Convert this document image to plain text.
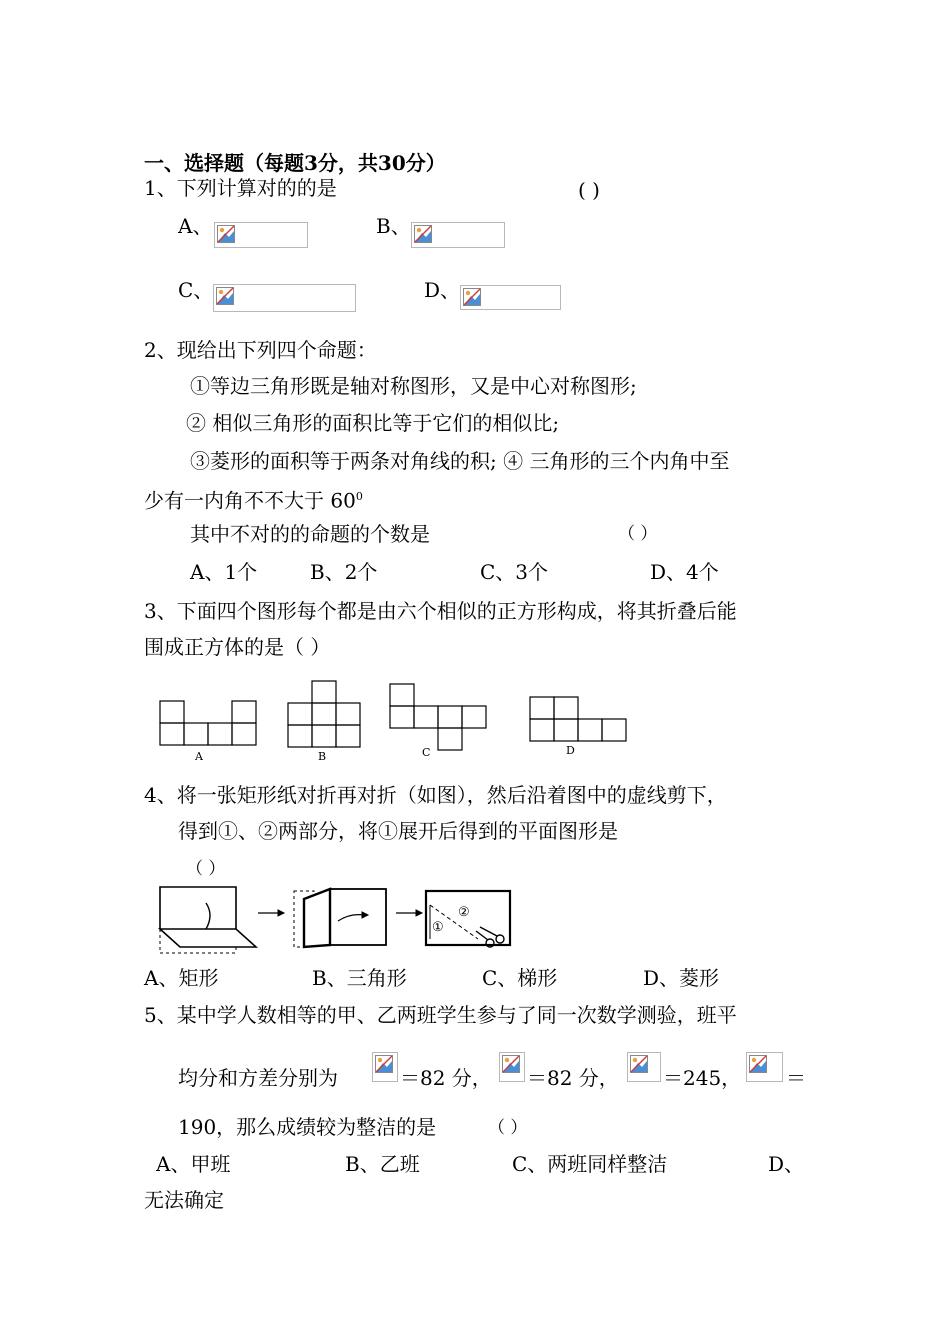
一、选择题（每题3分，共30分）
1、下列计算对的的是	( )
A、	B、
C、	D、
2、现给出下列四个命题：
①等边三角形既是轴对称图形，又是中心对称图形;
② 相似三角形的面积比等于它们的相似比;
③菱形的面积等于两条对角线的积; ④ 三角形的三个内角中至
少有一内角不不大于 $60^0$
其中不对的的命题的个数是	（ ）
A、1个	B、2个	C、3个	D、4个
3、下面四个图形每个都是由六个相似的正方形构成，将其折叠后能
围成正方体的是（ ）
A	B	C	D
4、将一张矩形纸对折再对折（如图），然后沿着图中的虚线剪下，
得到①、②两部分，将①展开后得到的平面图形是
（ ）
①
②
A、矩形	B、三角形	C、梯形	D、菱形
5、某中学人数相等的甲、乙两班学生参与了同一次数学测验，班平
均分和方差分别为	＝82 分， ＝82 分， ＝245， ＝
190，那么成绩较为整洁的是	（ ）
A、甲班	B、乙班	C、两班同样整洁	D、
无法确定
